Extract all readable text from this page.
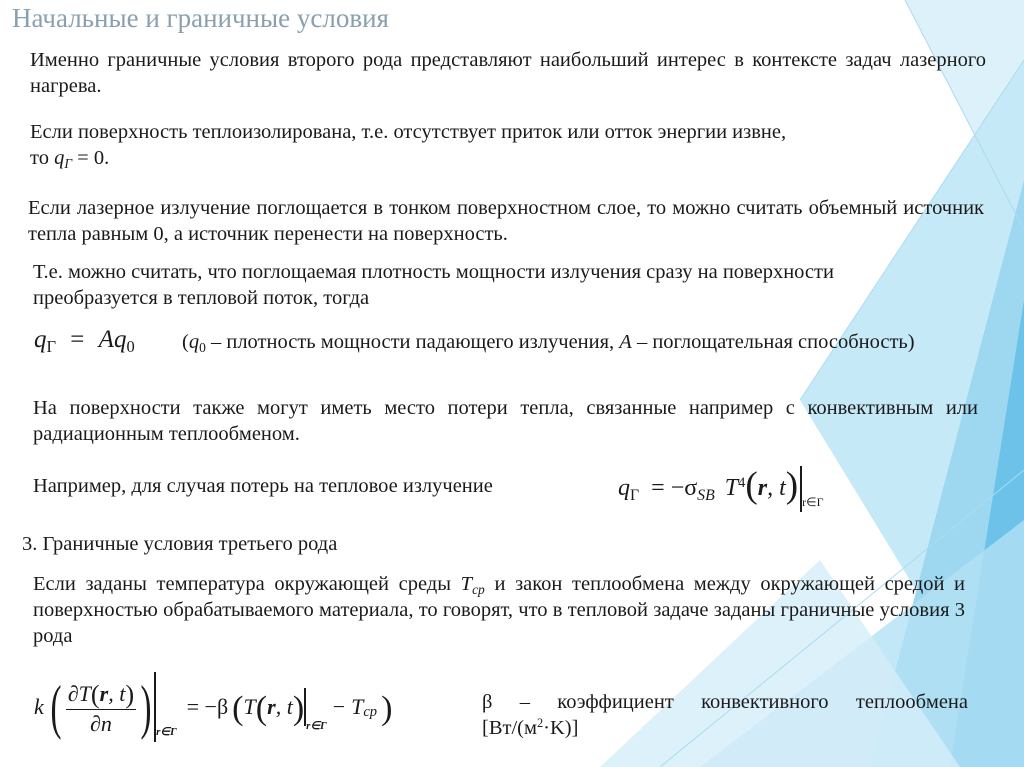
Начальные и граничные условия

Именно граничные условия второго рода представляют наибольший интерес в контексте задач лазерного нагрева.

Если поверхность теплоизолирована, т.е. отсутствует приток или отток энергии извне,
то $q_\Gamma = 0$.

Если лазерное излучение поглощается в тонком поверхностном слое, то можно считать объемный источник тепла равным 0, а источник перенести на поверхность.

Т.е. можно считать, что поглощаемая плотность мощности излучения сразу на поверхности преобразуется в тепловой поток, тогда

$q_Г = Aq_0$ ($q_0$ – плотность мощности падающего излучения, A – поглощательная способность)

На поверхности также могут иметь место потери тепла, связанные например с конвективным или радиационным теплообменом.

Например, для случая потерь на тепловое излучение	$q_Г = -\sigma_{SB}$ $T^4(r$, t) $_{r\in Г}$

3. Граничные условия третьего рода

Если заданы температура окружающей среды $T_{ср}$ и закон теплообмена между окружающей средой и поверхностью обрабатываемого материала, то говорят, что в тепловой задаче заданы граничные условия 3 рода
k ( $\frac{\partial T(r, t)}{\partial n}$ ) r∈Г
= −β ( T ( r , t ) r∈Г
− T ср )	β – коэффициент конвективного теплообмена $[Вт/(м^2\cdot K)]$
